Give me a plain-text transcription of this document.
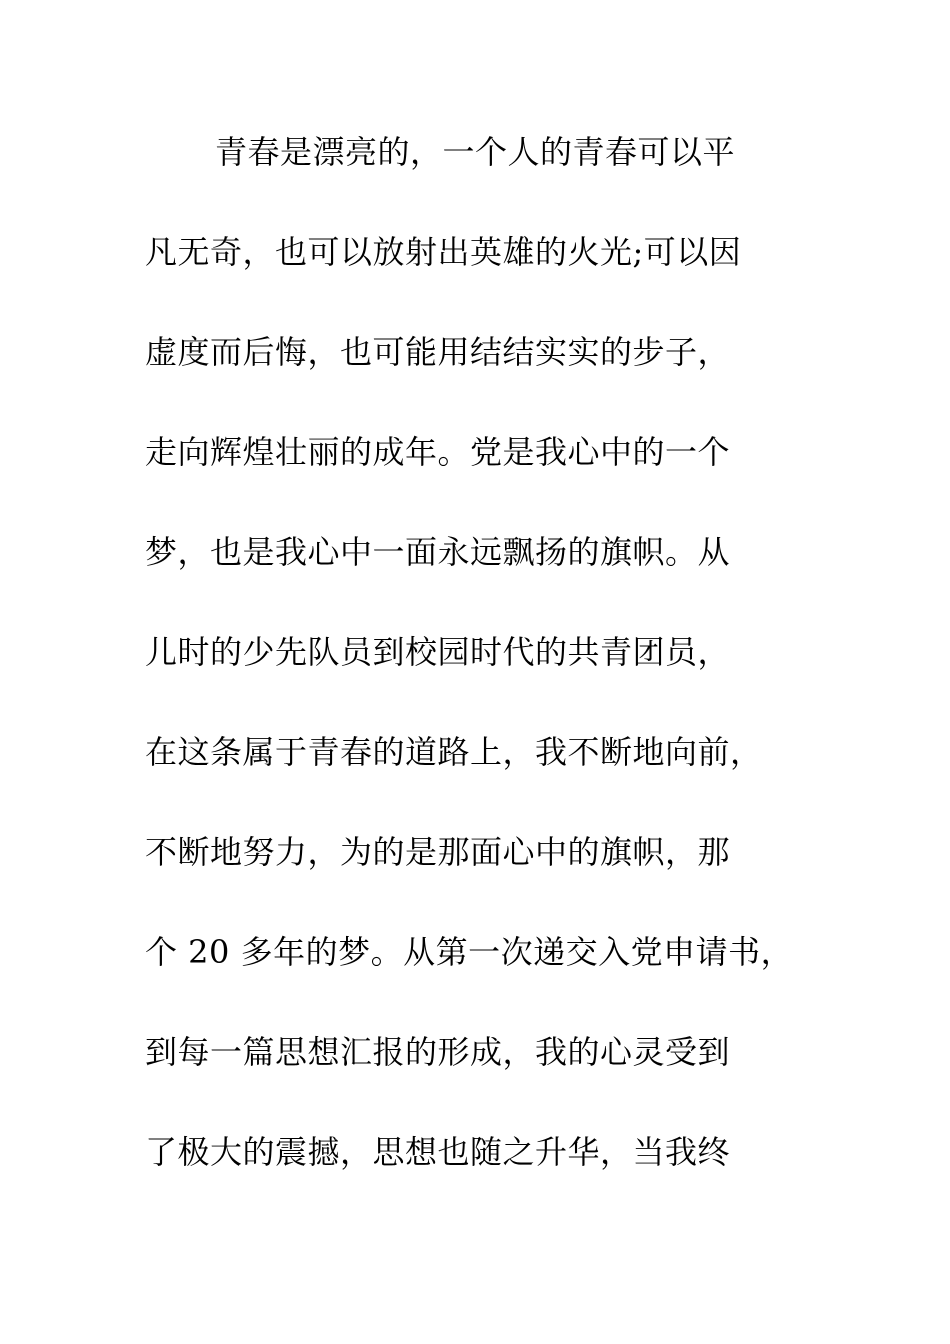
青春是漂亮的，一个人的青春可以平
凡无奇，也可以放射出英雄的火光;可以因
虚度而后悔，也可能用结结实实的步子，
走向辉煌壮丽的成年。党是我心中的一个
梦，也是我心中一面永远飘扬的旗帜。从
儿时的少先队员到校园时代的共青团员，
在这条属于青春的道路上，我不断地向前，
不断地努力，为的是那面心中的旗帜，那
个 20 多年的梦。从第一次递交入党申请书，
到每一篇思想汇报的形成，我的心灵受到
了极大的震撼，思想也随之升华，当我终
